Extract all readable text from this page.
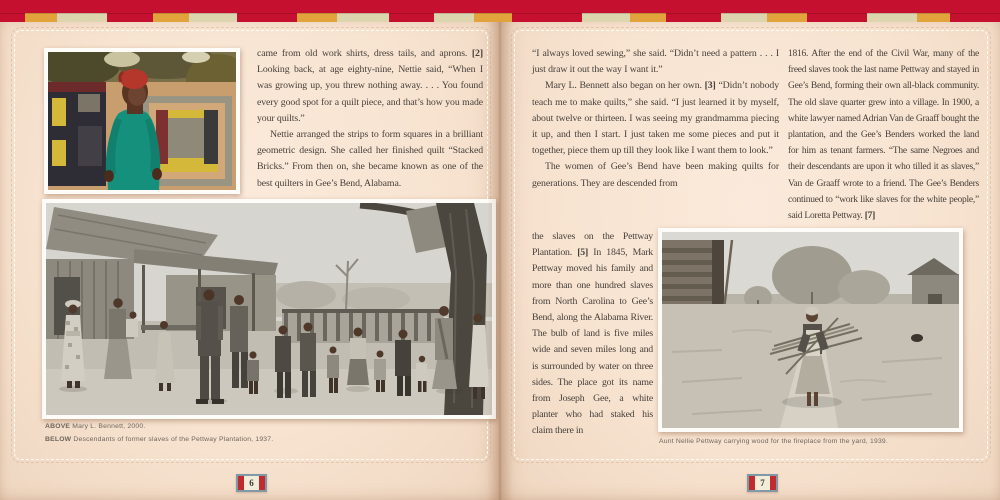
came from old work shirts, dress tails, and aprons. [2] Looking back, at age eighty-nine, Nettie said, “When I was growing up, you threw nothing away. . . . You found every good spot for a quilt piece, and that’s how you made your quilts.”

Nettie arranged the strips to form squares in a brilliant geometric design. She called her finished quilt “Stacked Bricks.” From then on, she became known as one of the best quilters in Gee’s Bend, Alabama.

ABOVE Mary L. Bennett, 2000.
BELOW Descendants of former slaves of the Pettway Plantation, 1937.
6

“I always loved sewing,” she said. “Didn’t need a pattern . . . I just draw it out the way I want it.”

Mary L. Bennett also began on her own. [3] “Didn’t nobody teach me to make quilts,” she said. “I just learned it by myself, about twelve or thirteen. I was seeing my grandmamma piecing it up, and then I start. I just taken me some pieces and put it together, piece them up till they look like I want them to look.”

The women of Gee’s Bend have been making quilts for generations. They are descended from

the slaves on the Pettway Plantation. [5] In 1845, Mark Pettway moved his family and more than one hundred slaves from North Carolina to Gee’s Bend, along the Alabama River. The bulb of land is five miles wide and seven miles long and is surrounded by water on three sides. The place got its name from Joseph Gee, a white planter who had staked his claim there in

1816. After the end of the Civil War, many of the freed slaves took the last name Pettway and stayed in Gee’s Bend, forming their own all-black community. The old slave quarter grew into a village. In 1900, a white lawyer named Adrian Van de Graaff bought the plantation, and the Gee’s Benders worked the land for him as tenant farmers. “The same Negroes and their descendants are upon it who tilled it as slaves,” Van de Graaff wrote to a friend. The Gee’s Benders continued to “work like slaves for the white people,” said Loretta Pettway. [7]

Aunt Nellie Pettway carrying wood for the fireplace from the yard, 1939.
7
